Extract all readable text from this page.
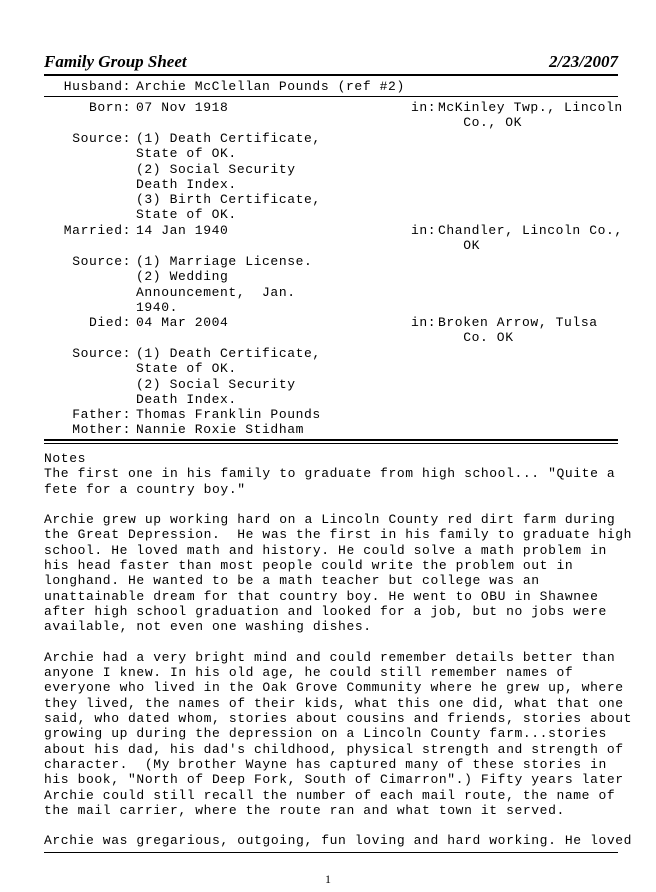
Family Group Sheet	2/23/2007
Husband: Archie McClellan Pounds (ref #2)
Born: 07 Nov 1918	in: McKinley Twp., Lincoln
Co., OK
Source: (1) Death Certificate,
State of OK.
(2) Social Security
Death Index.
(3) Birth Certificate,
State of OK.
Married: 14 Jan 1940	in: Chandler, Lincoln Co.,
OK
Source: (1) Marriage License.
(2) Wedding
Announcement,  Jan.
1940.
Died: 04 Mar 2004	in: Broken Arrow, Tulsa
Co. OK
Source: (1) Death Certificate,
State of OK.
(2) Social Security
Death Index.
Father: Thomas Franklin Pounds
Mother: Nannie Roxie Stidham
Notes
The first one in his family to graduate from high school... "Quite a
fete for a country boy."
Archie grew up working hard on a Lincoln County red dirt farm during
the Great Depression.  He was the first in his family to graduate high
school. He loved math and history. He could solve a math problem in
his head faster than most people could write the problem out in
longhand. He wanted to be a math teacher but college was an
unattainable dream for that country boy. He went to OBU in Shawnee
after high school graduation and looked for a job, but no jobs were
available, not even one washing dishes.
Archie had a very bright mind and could remember details better than
anyone I knew. In his old age, he could still remember names of
everyone who lived in the Oak Grove Community where he grew up, where
they lived, the names of their kids, what this one did, what that one
said, who dated whom, stories about cousins and friends, stories about
growing up during the depression on a Lincoln County farm...stories
about his dad, his dad's childhood, physical strength and strength of
character.  (My brother Wayne has captured many of these stories in
his book, "North of Deep Fork, South of Cimarron".) Fifty years later
Archie could still recall the number of each mail route, the name of
the mail carrier, where the route ran and what town it served.
Archie was gregarious, outgoing, fun loving and hard working. He loved
1
